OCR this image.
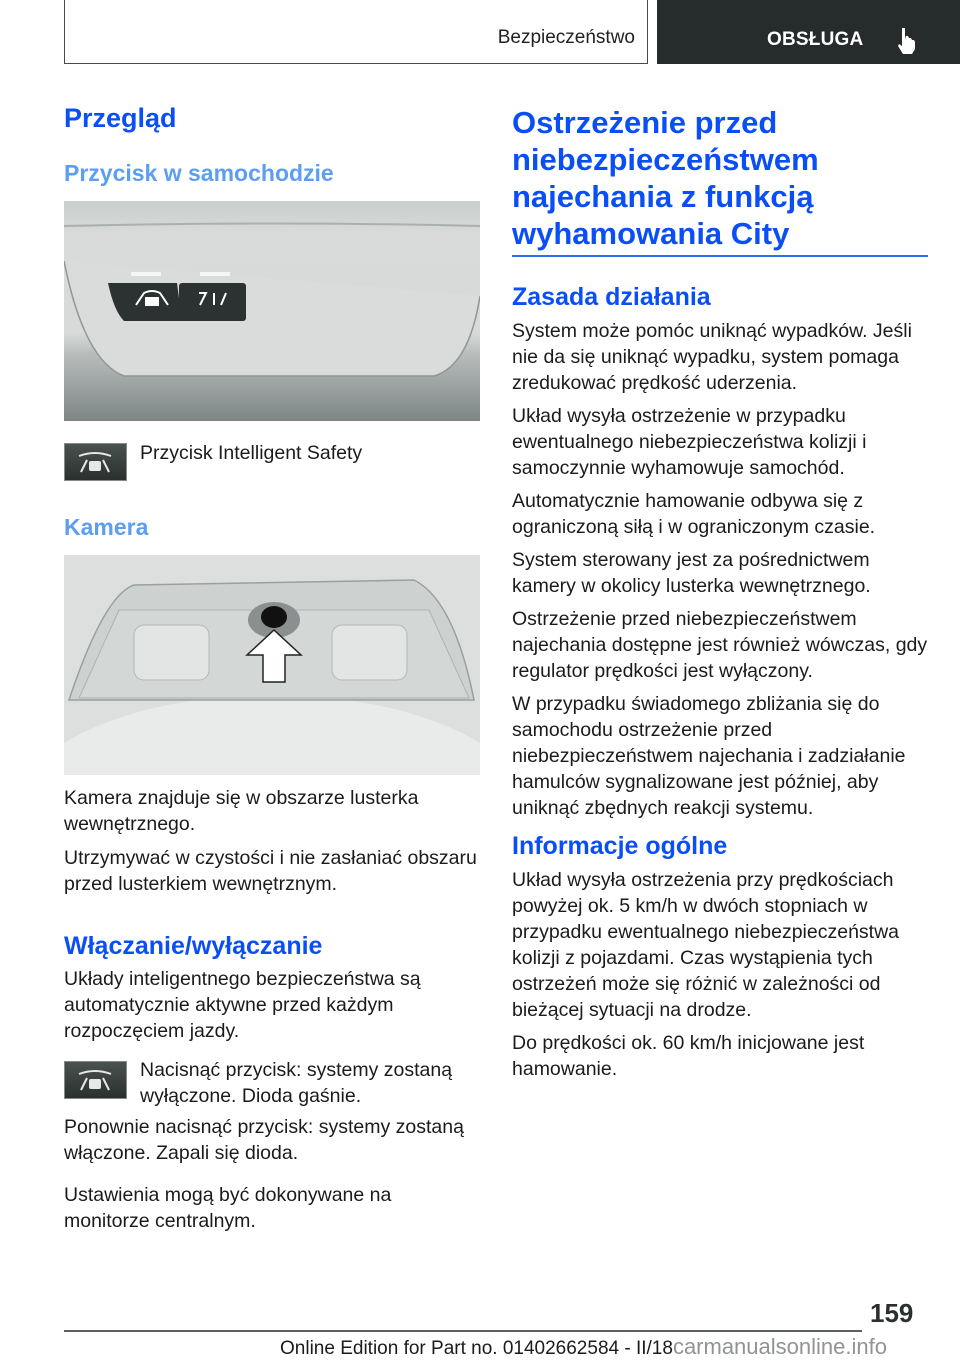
Bezpieczeństwo	OBSŁUGA
Przegląd
Przycisk w samochodzie
Przycisk Intelligent Safety
Kamera

Kamera znajduje się w obszarze lusterka wewnętrznego.

Utrzymywać w czystości i nie zasłaniać obszaru przed lusterkiem wewnętrznym.

Włączanie/wyłączanie

Układy inteligentnego bezpieczeństwa są automatycznie aktywne przed każdym rozpoczęciem jazdy.

Nacisnąć przycisk: systemy zostaną wyłączone. Dioda gaśnie.

Ponownie nacisnąć przycisk: systemy zostaną włączone. Zapali się dioda.

Ustawienia mogą być dokonywane na monitorze centralnym.

Ostrzeżenie przed niebezpieczeństwem najechania z funkcją wyhamowania City
Zasada działania

System może pomóc uniknąć wypadków. Jeśli nie da się uniknąć wypadku, system pomaga zredukować prędkość uderzenia.

Układ wysyła ostrzeżenie w przypadku ewentualnego niebezpieczeństwa kolizji i samoczynnie wyhamowuje samochód.

Automatycznie hamowanie odbywa się z ograniczoną siłą i w ograniczonym czasie.

System sterowany jest za pośrednictwem kamery w okolicy lusterka wewnętrznego.

Ostrzeżenie przed niebezpieczeństwem najechania dostępne jest również wówczas, gdy regulator prędkości jest wyłączony.

W przypadku świadomego zbliżania się do samochodu ostrzeżenie przed niebezpieczeństwem najechania i zadziałanie hamulców sygnalizowane jest później, aby uniknąć zbędnych reakcji systemu.

Informacje ogólne

Układ wysyła ostrzeżenia przy prędkościach powyżej ok. 5 km/h w dwóch stopniach w przypadku ewentualnego niebezpieczeństwa kolizji z pojazdami. Czas wystąpienia tych ostrzeżeń może się różnić w zależności od bieżącej sytuacji na drodze.

Do prędkości ok. 60 km/h inicjowane jest hamowanie.

159
Online Edition for Part no. 01402662584 - II/18carmanualsonline.info
